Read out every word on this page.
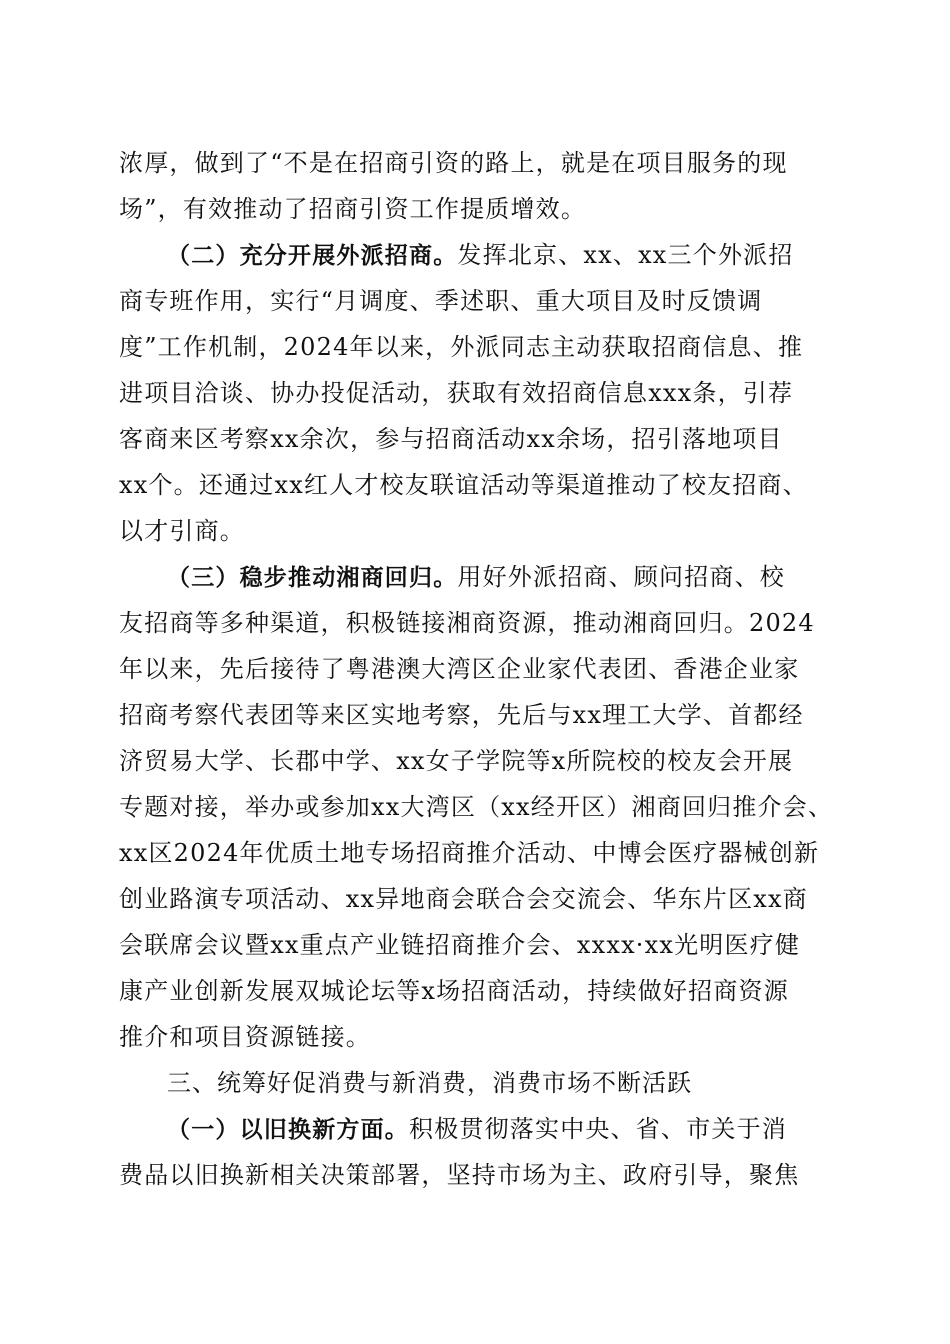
浓厚，做到了“不是在招商引资的路上，就是在项目服务的现
场”，有效推动了招商引资工作提质增效。
（二）充分开展外派招商。发挥北京、xx、xx三个外派招
商专班作用，实行“月调度、季述职、重大项目及时反馈调
度”工作机制，2024年以来，外派同志主动获取招商信息、推
进项目洽谈、协办投促活动，获取有效招商信息xxx条，引荐
客商来区考察xx余次，参与招商活动xx余场，招引落地项目
xx个。还通过xx红人才校友联谊活动等渠道推动了校友招商、
以才引商。
（三）稳步推动湘商回归。用好外派招商、顾问招商、校
友招商等多种渠道，积极链接湘商资源，推动湘商回归。2024
年以来，先后接待了粤港澳大湾区企业家代表团、香港企业家
招商考察代表团等来区实地考察，先后与xx理工大学、首都经
济贸易大学、长郡中学、xx女子学院等x所院校的校友会开展
专题对接，举办或参加xx大湾区（xx经开区）湘商回归推介会、
xx区2024年优质土地专场招商推介活动、中博会医疗器械创新
创业路演专项活动、xx异地商会联合会交流会、华东片区xx商
会联席会议暨xx重点产业链招商推介会、xxxx·xx光明医疗健
康产业创新发展双城论坛等x场招商活动，持续做好招商资源
推介和项目资源链接。
三、统筹好促消费与新消费，消费市场不断活跃
（一）以旧换新方面。积极贯彻落实中央、省、市关于消
费品以旧换新相关决策部署，坚持市场为主、政府引导，聚焦
